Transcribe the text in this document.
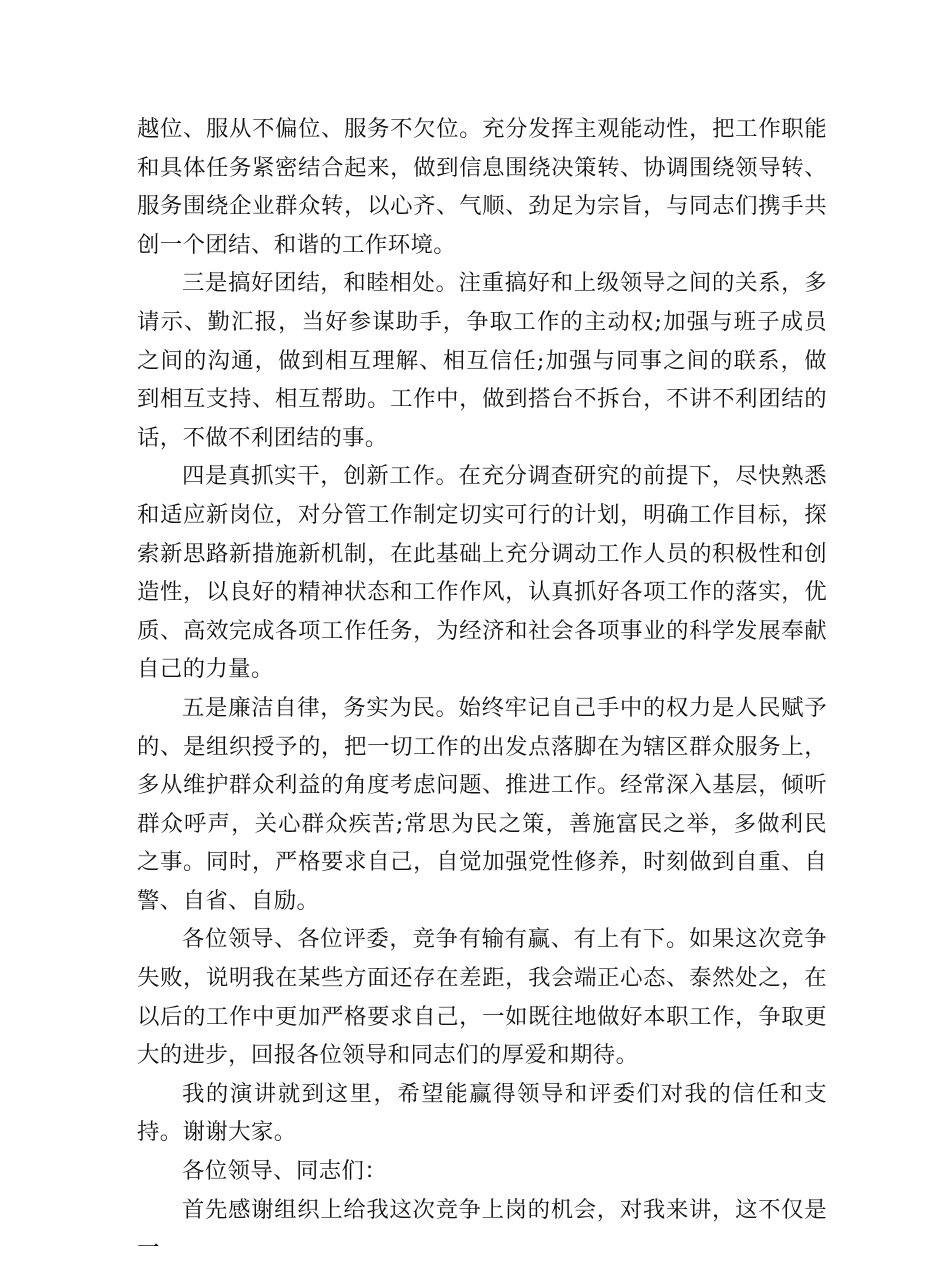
越位、服从不偏位、服务不欠位。充分发挥主观能动性，把工作职能和具体任务紧密结合起来，做到信息围绕决策转、协调围绕领导转、服务围绕企业群众转，以心齐、气顺、劲足为宗旨，与同志们携手共创一个团结、和谐的工作环境。

三是搞好团结，和睦相处。注重搞好和上级领导之间的关系，多请示、勤汇报，当好参谋助手，争取工作的主动权;加强与班子成员之间的沟通，做到相互理解、相互信任;加强与同事之间的联系，做到相互支持、相互帮助。工作中，做到搭台不拆台，不讲不利团结的话，不做不利团结的事。

四是真抓实干，创新工作。在充分调查研究的前提下，尽快熟悉和适应新岗位，对分管工作制定切实可行的计划，明确工作目标，探索新思路新措施新机制，在此基础上充分调动工作人员的积极性和创造性，以良好的精神状态和工作作风，认真抓好各项工作的落实，优质、高效完成各项工作任务，为经济和社会各项事业的科学发展奉献自己的力量。

五是廉洁自律，务实为民。始终牢记自己手中的权力是人民赋予的、是组织授予的，把一切工作的出发点落脚在为辖区群众服务上，多从维护群众利益的角度考虑问题、推进工作。经常深入基层，倾听群众呼声，关心群众疾苦;常思为民之策，善施富民之举，多做利民之事。同时，严格要求自己，自觉加强党性修养，时刻做到自重、自警、自省、自励。

各位领导、各位评委，竞争有输有赢、有上有下。如果这次竞争失败，说明我在某些方面还存在差距，我会端正心态、泰然处之，在以后的工作中更加严格要求自己，一如既往地做好本职工作，争取更大的进步，回报各位领导和同志们的厚爱和期待。

我的演讲就到这里，希望能赢得领导和评委们对我的信任和支持。谢谢大家。

各位领导、同志们：

首先感谢组织上给我这次竞争上岗的机会，对我来讲，这不仅是一
